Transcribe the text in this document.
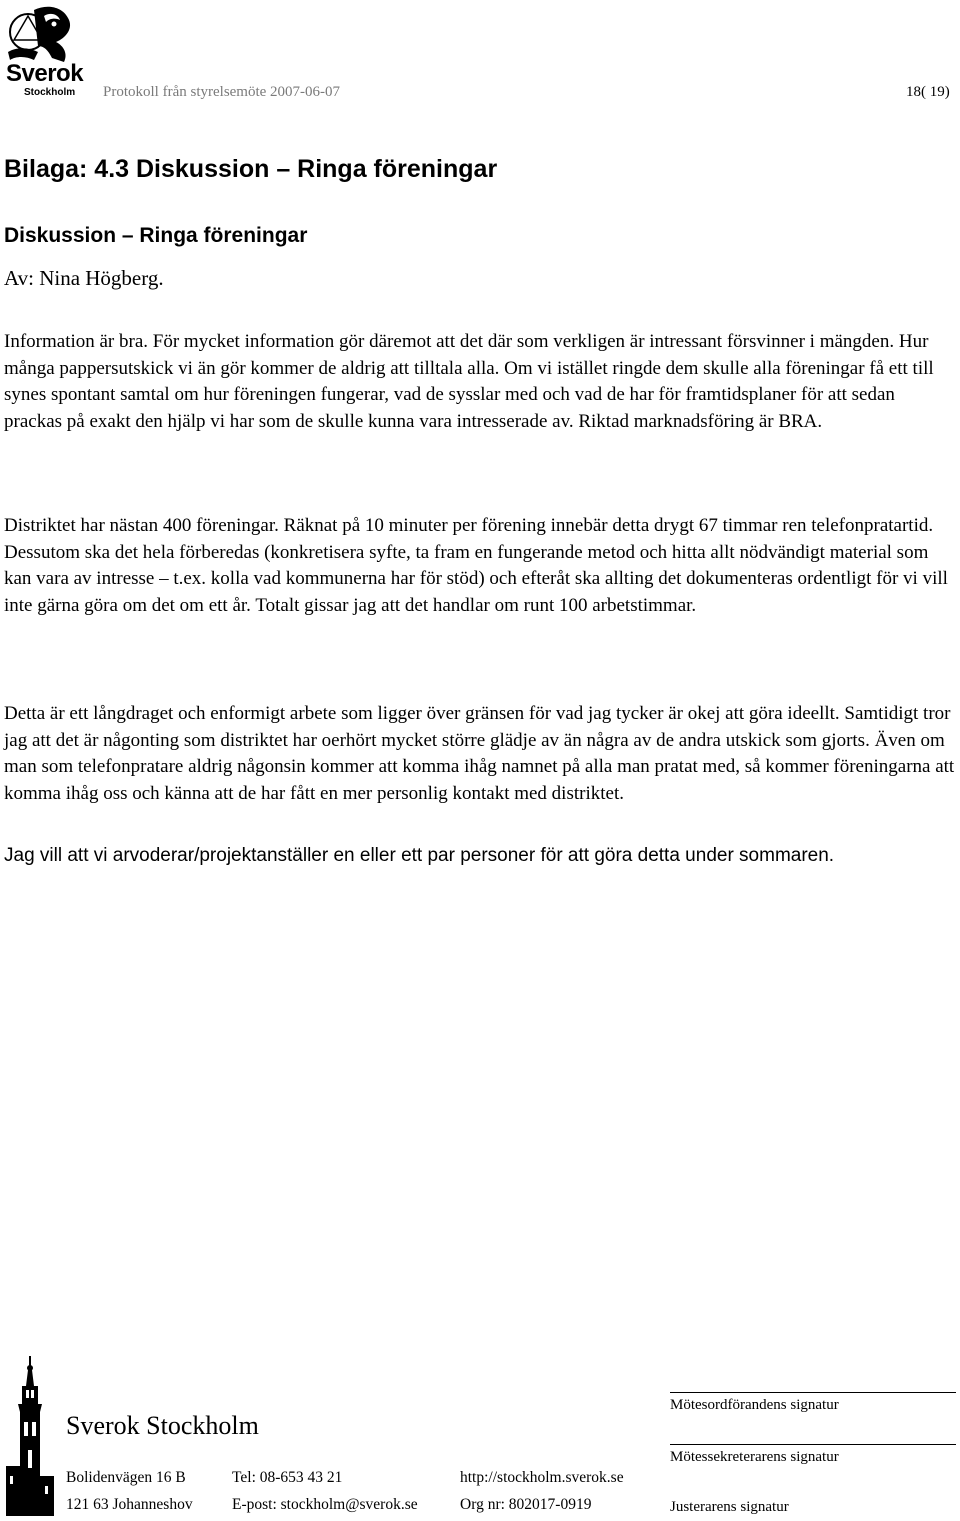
Sverok
Stockholm Protokoll från styrelsemöte 2007-06-07	18( 19)
Bilaga: 4.3 Diskussion – Ringa föreningar
Diskussion – Ringa föreningar
Av: Nina Högberg.
Information är bra. För mycket information gör däremot att det där som verkligen är intressant försvinner i mängden. Hur många pappersutskick vi än gör kommer de aldrig att tilltala alla. Om vi istället ringde dem skulle alla föreningar få ett till synes spontant samtal om hur föreningen fungerar, vad de sysslar med och vad de har för framtidsplaner för att sedan prackas på exakt den hjälp vi har som de skulle kunna vara intresserade av. Riktad marknadsföring är BRA.
Distriktet har nästan 400 föreningar. Räknat på 10 minuter per förening innebär detta drygt 67 timmar ren telefonpratartid. Dessutom ska det hela förberedas (konkretisera syfte, ta fram en fungerande metod och hitta allt nödvändigt material som kan vara av intresse – t.ex. kolla vad kommunerna har för stöd) och efteråt ska allting det dokumenteras ordentligt för vi vill inte gärna göra om det om ett år. Totalt gissar jag att det handlar om runt 100 arbetstimmar.
Detta är ett långdraget och enformigt arbete som ligger över gränsen för vad jag tycker är okej att göra ideellt. Samtidigt tror jag att det är någonting som distriktet har oerhört mycket större glädje av än några av de andra utskick som gjorts. Även om man som telefonpratare aldrig någonsin kommer att komma ihåg namnet på alla man pratat med, så kommer föreningarna att komma ihåg oss och känna att de har fått en mer personlig kontakt med distriktet.
Jag vill att vi arvoderar/projektanställer en eller ett par personer för att göra detta under sommaren.
Sverok Stockholm
Bolidenvägen 16 B
121 63 Johanneshov
Tel: 08-653 43 21
E-post: stockholm@sverok.se
http://stockholm.sverok.se
Org nr: 802017-0919
Mötesordförandens signatur
Mötessekreterarens signatur
Justerarens signatur
